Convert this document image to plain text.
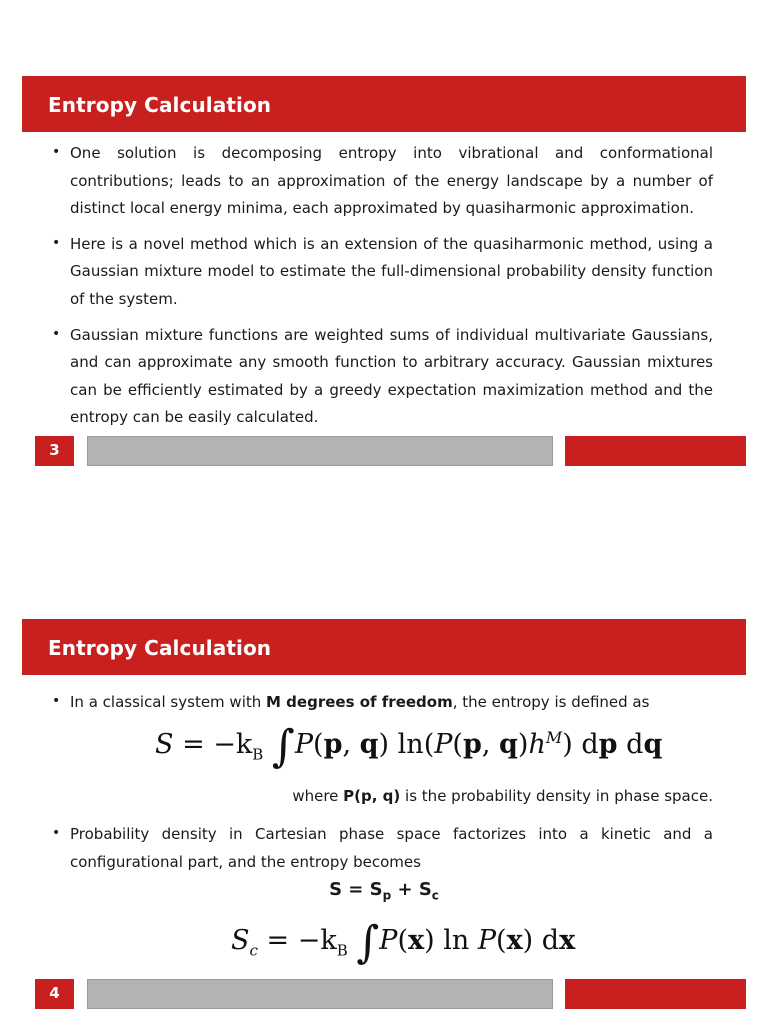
Entropy Calculation
• One solution is decomposing entropy into vibrational and conformational contributions; leads to an approximation of the energy landscape by a number of distinct local energy minima, each approximated by quasiharmonic approximation.
• Here is a novel method which is an extension of the quasiharmonic method, using a Gaussian mixture model to estimate the full-dimensional probability density function of the system.
• Gaussian mixture functions are weighted sums of individual multivariate Gaussians, and can approximate any smooth function to arbitrary accuracy. Gaussian mixtures can be efficiently estimated by a greedy expectation maximization method and the entropy can be easily calculated.
3
Entropy Calculation
• In a classical system with M degrees of freedom, the entropy is defined as
$S = -k_B$ ∫P(p, q) ln(P(p, $q)h^M$) dp dq
where P(p, q) is the probability density in phase space.
• Probability density in Cartesian phase space factorizes into a kinetic and a configurational part, and the entropy becomes
$S = S_p + S_c$
$S_c = -k_B$ ∫P(x) ln P(x) dx
4
